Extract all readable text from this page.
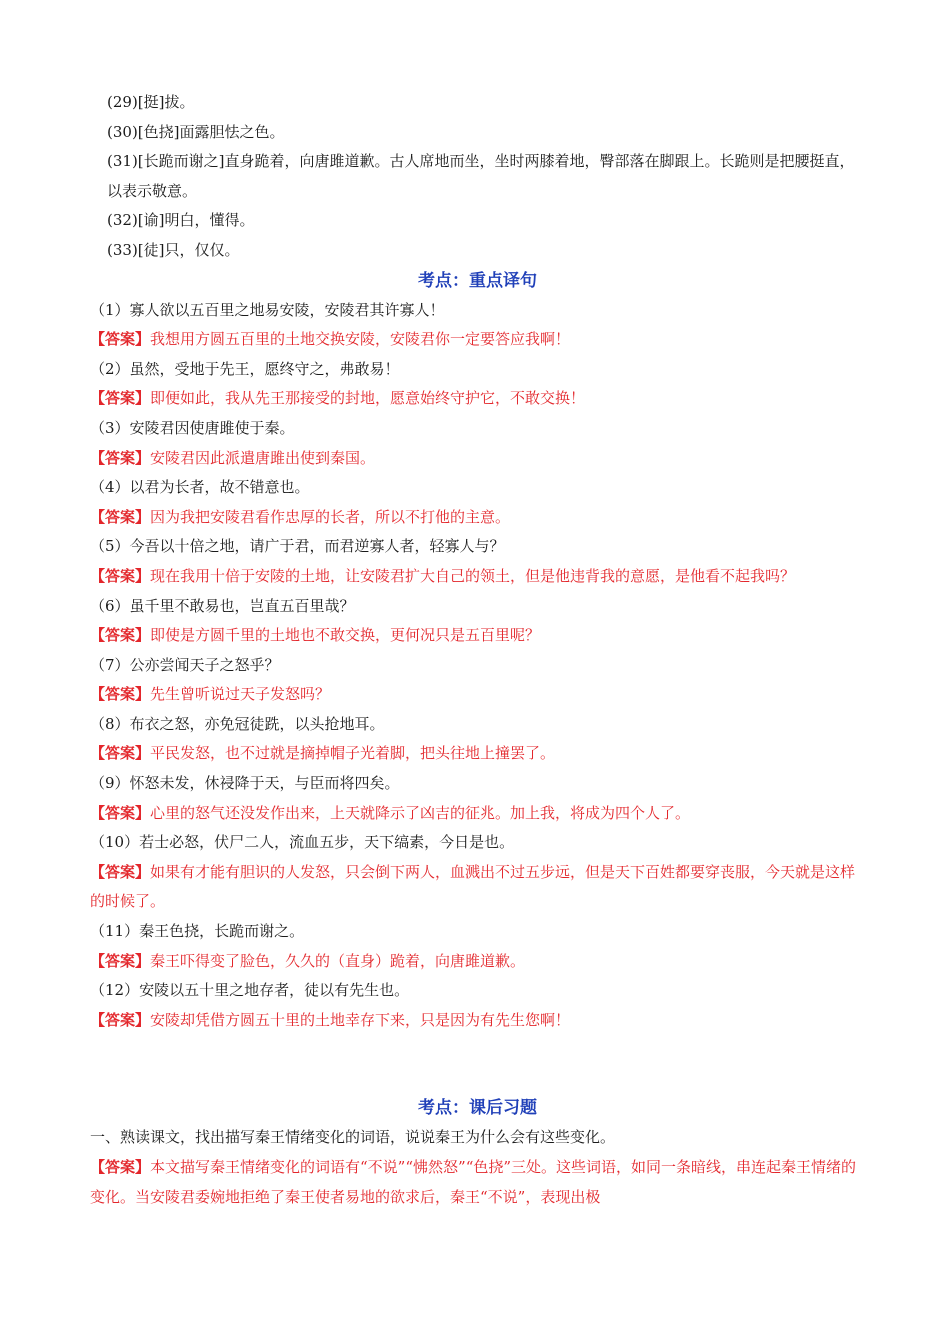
(29)[挺]拔。

(30)[色挠]面露胆怯之色。

(31)[长跪而谢之]直身跪着，向唐雎道歉。古人席地而坐，坐时两膝着地，臀部落在脚跟上。长跪则是把腰挺直，以表示敬意。

(32)[谕]明白，懂得。

(33)[徒]只，仅仅。

考点：重点译句

（1）寡人欲以五百里之地易安陵，安陵君其许寡人！

【答案】我想用方圆五百里的土地交换安陵，安陵君你一定要答应我啊！

（2）虽然，受地于先王，愿终守之，弗敢易！

【答案】即便如此，我从先王那接受的封地，愿意始终守护它，不敢交换！

（3）安陵君因使唐雎使于秦。

【答案】安陵君因此派遣唐雎出使到秦国。

（4）以君为长者，故不错意也。

【答案】因为我把安陵君看作忠厚的长者，所以不打他的主意。

（5）今吾以十倍之地，请广于君，而君逆寡人者，轻寡人与？

【答案】现在我用十倍于安陵的土地，让安陵君扩大自己的领土，但是他违背我的意愿，是他看不起我吗？

（6）虽千里不敢易也，岂直五百里哉？

【答案】即使是方圆千里的土地也不敢交换，更何况只是五百里呢？

（7）公亦尝闻天子之怒乎？

【答案】先生曾听说过天子发怒吗？

（8）布衣之怒，亦免冠徒跣，以头抢地耳。

【答案】平民发怒，也不过就是摘掉帽子光着脚，把头往地上撞罢了。

（9）怀怒未发，休祲降于天，与臣而将四矣。

【答案】心里的怒气还没发作出来，上天就降示了凶吉的征兆。加上我，将成为四个人了。

（10）若士必怒，伏尸二人，流血五步，天下缟素，今日是也。

【答案】如果有才能有胆识的人发怒，只会倒下两人，血溅出不过五步远，但是天下百姓都要穿丧服，今天就是这样的时候了。

（11）秦王色挠，长跪而谢之。

【答案】秦王吓得变了脸色，久久的（直身）跪着，向唐雎道歉。

（12）安陵以五十里之地存者，徒以有先生也。

【答案】安陵却凭借方圆五十里的土地幸存下来，只是因为有先生您啊！

考点：课后习题

一、熟读课文，找出描写秦王情绪变化的词语，说说秦王为什么会有这些变化。

【答案】本文描写秦王情绪变化的词语有“不说”“怫然怒”“色挠”三处。这些词语，如同一条暗线，串连起秦王情绪的变化。当安陵君委婉地拒绝了秦王使者易地的欲求后，秦王“不说”，表现出极
